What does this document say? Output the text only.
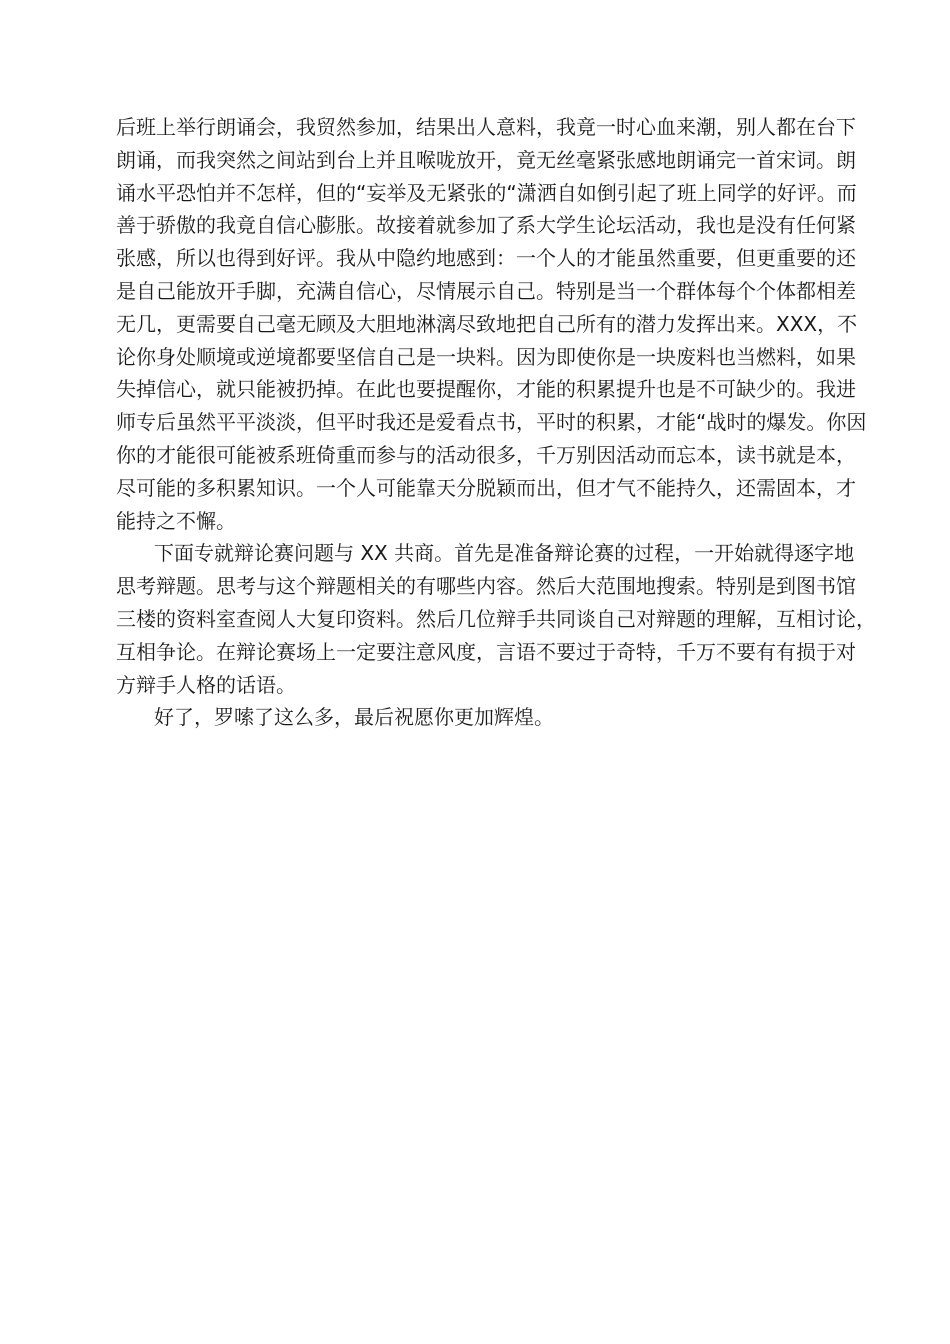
后班上举行朗诵会，我贸然参加，结果出人意料，我竟一时心血来潮，别人都在台下
朗诵，而我突然之间站到台上并且喉咙放开，竟无丝毫紧张感地朗诵完一首宋词。朗
诵水平恐怕并不怎样，但的“妄举及无紧张的“潇洒自如倒引起了班上同学的好评。而
善于骄傲的我竟自信心膨胀。故接着就参加了系大学生论坛活动，我也是没有任何紧
张感，所以也得到好评。我从中隐约地感到：一个人的才能虽然重要，但更重要的还
是自己能放开手脚，充满自信心，尽情展示自己。特别是当一个群体每个个体都相差
无几，更需要自己毫无顾及大胆地淋漓尽致地把自己所有的潜力发挥出来。XXX，不
论你身处顺境或逆境都要坚信自己是一块料。因为即使你是一块废料也当燃料，如果
失掉信心，就只能被扔掉。在此也要提醒你，才能的积累提升也是不可缺少的。我进
师专后虽然平平淡淡，但平时我还是爱看点书，平时的积累，才能“战时的爆发。你因
你的才能很可能被系班倚重而参与的活动很多，千万别因活动而忘本，读书就是本，
尽可能的多积累知识。一个人可能靠天分脱颖而出，但才气不能持久，还需固本，才
能持之不懈。
下面专就辩论赛问题与 XX 共商。首先是准备辩论赛的过程，一开始就得逐字地
思考辩题。思考与这个辩题相关的有哪些内容。然后大范围地搜索。特别是到图书馆
三楼的资料室查阅人大复印资料。然后几位辩手共同谈自己对辩题的理解，互相讨论，
互相争论。在辩论赛场上一定要注意风度，言语不要过于奇特，千万不要有有损于对
方辩手人格的话语。
好了，罗嗦了这么多，最后祝愿你更加辉煌。
